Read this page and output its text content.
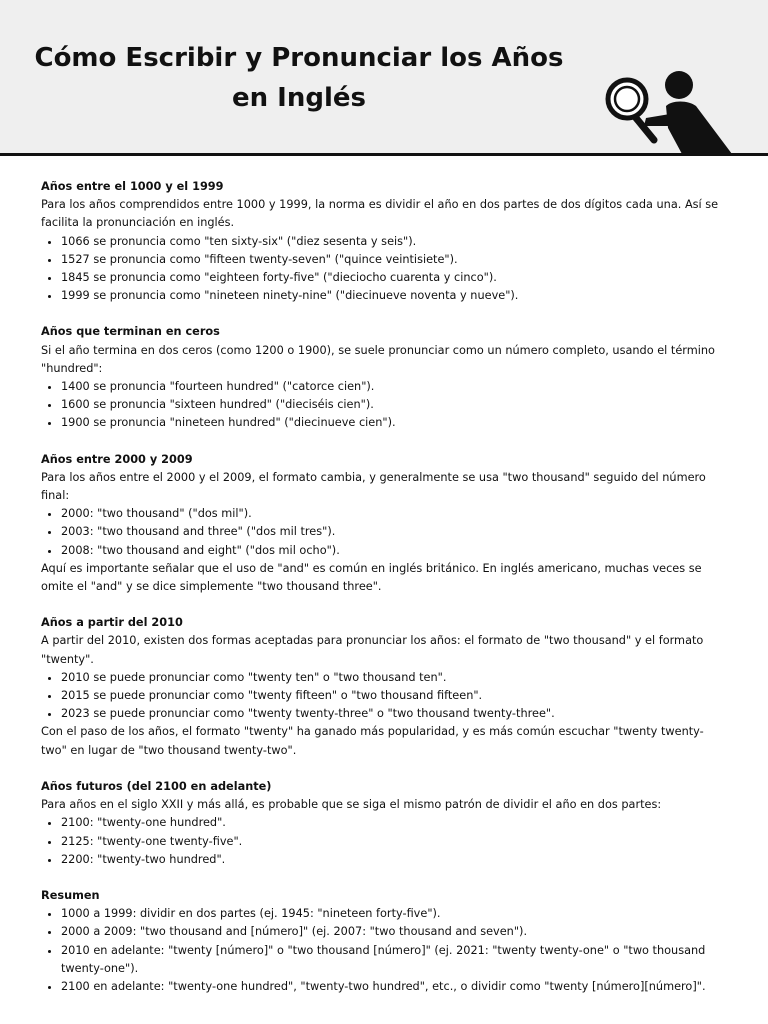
Cómo Escribir y Pronunciar los Años en Inglés
Años entre el 1000 y el 1999

Para los años comprendidos entre 1000 y 1999, la norma es dividir el año en dos partes de dos dígitos cada una. Así se facilita la pronunciación en inglés.

• 1066 se pronuncia como "ten sixty-six" ("diez sesenta y seis").
• 1527 se pronuncia como "fifteen twenty-seven" ("quince veintisiete").
• 1845 se pronuncia como "eighteen forty-five" ("dieciocho cuarenta y cinco").
• 1999 se pronuncia como "nineteen ninety-nine" ("diecinueve noventa y nueve").
Años que terminan en ceros

Si el año termina en dos ceros (como 1200 o 1900), se suele pronunciar como un número completo, usando el término "hundred":

• 1400 se pronuncia "fourteen hundred" ("catorce cien").
• 1600 se pronuncia "sixteen hundred" ("dieciséis cien").
• 1900 se pronuncia "nineteen hundred" ("diecinueve cien").
Años entre 2000 y 2009

Para los años entre el 2000 y el 2009, el formato cambia, y generalmente se usa "two thousand" seguido del número final:

• 2000: "two thousand" ("dos mil").
• 2003: "two thousand and three" ("dos mil tres").
• 2008: "two thousand and eight" ("dos mil ocho").

Aquí es importante señalar que el uso de "and" es común en inglés británico. En inglés americano, muchas veces se omite el "and" y se dice simplemente "two thousand three".

Años a partir del 2010

A partir del 2010, existen dos formas aceptadas para pronunciar los años: el formato de "two thousand" y el formato "twenty".

• 2010 se puede pronunciar como "twenty ten" o "two thousand ten".
• 2015 se puede pronunciar como "twenty fifteen" o "two thousand fifteen".
• 2023 se puede pronunciar como "twenty twenty-three" o "two thousand twenty-three".

Con el paso de los años, el formato "twenty" ha ganado más popularidad, y es más común escuchar "twenty twenty-two" en lugar de "two thousand twenty-two".

Años futuros (del 2100 en adelante)

Para años en el siglo XXII y más allá, es probable que se siga el mismo patrón de dividir el año en dos partes:

• 2100: "twenty-one hundred".
• 2125: "twenty-one twenty-five".
• 2200: "twenty-two hundred".
Resumen
• 1000 a 1999: dividir en dos partes (ej. 1945: "nineteen forty-five").
• 2000 a 2009: "two thousand and [número]" (ej. 2007: "two thousand and seven").
• 2010 en adelante: "twenty [número]" o "two thousand [número]" (ej. 2021: "twenty twenty-one" o "two thousand twenty-one").
• 2100 en adelante: "twenty-one hundred", "twenty-two hundred", etc., o dividir como "twenty [número][número]".
